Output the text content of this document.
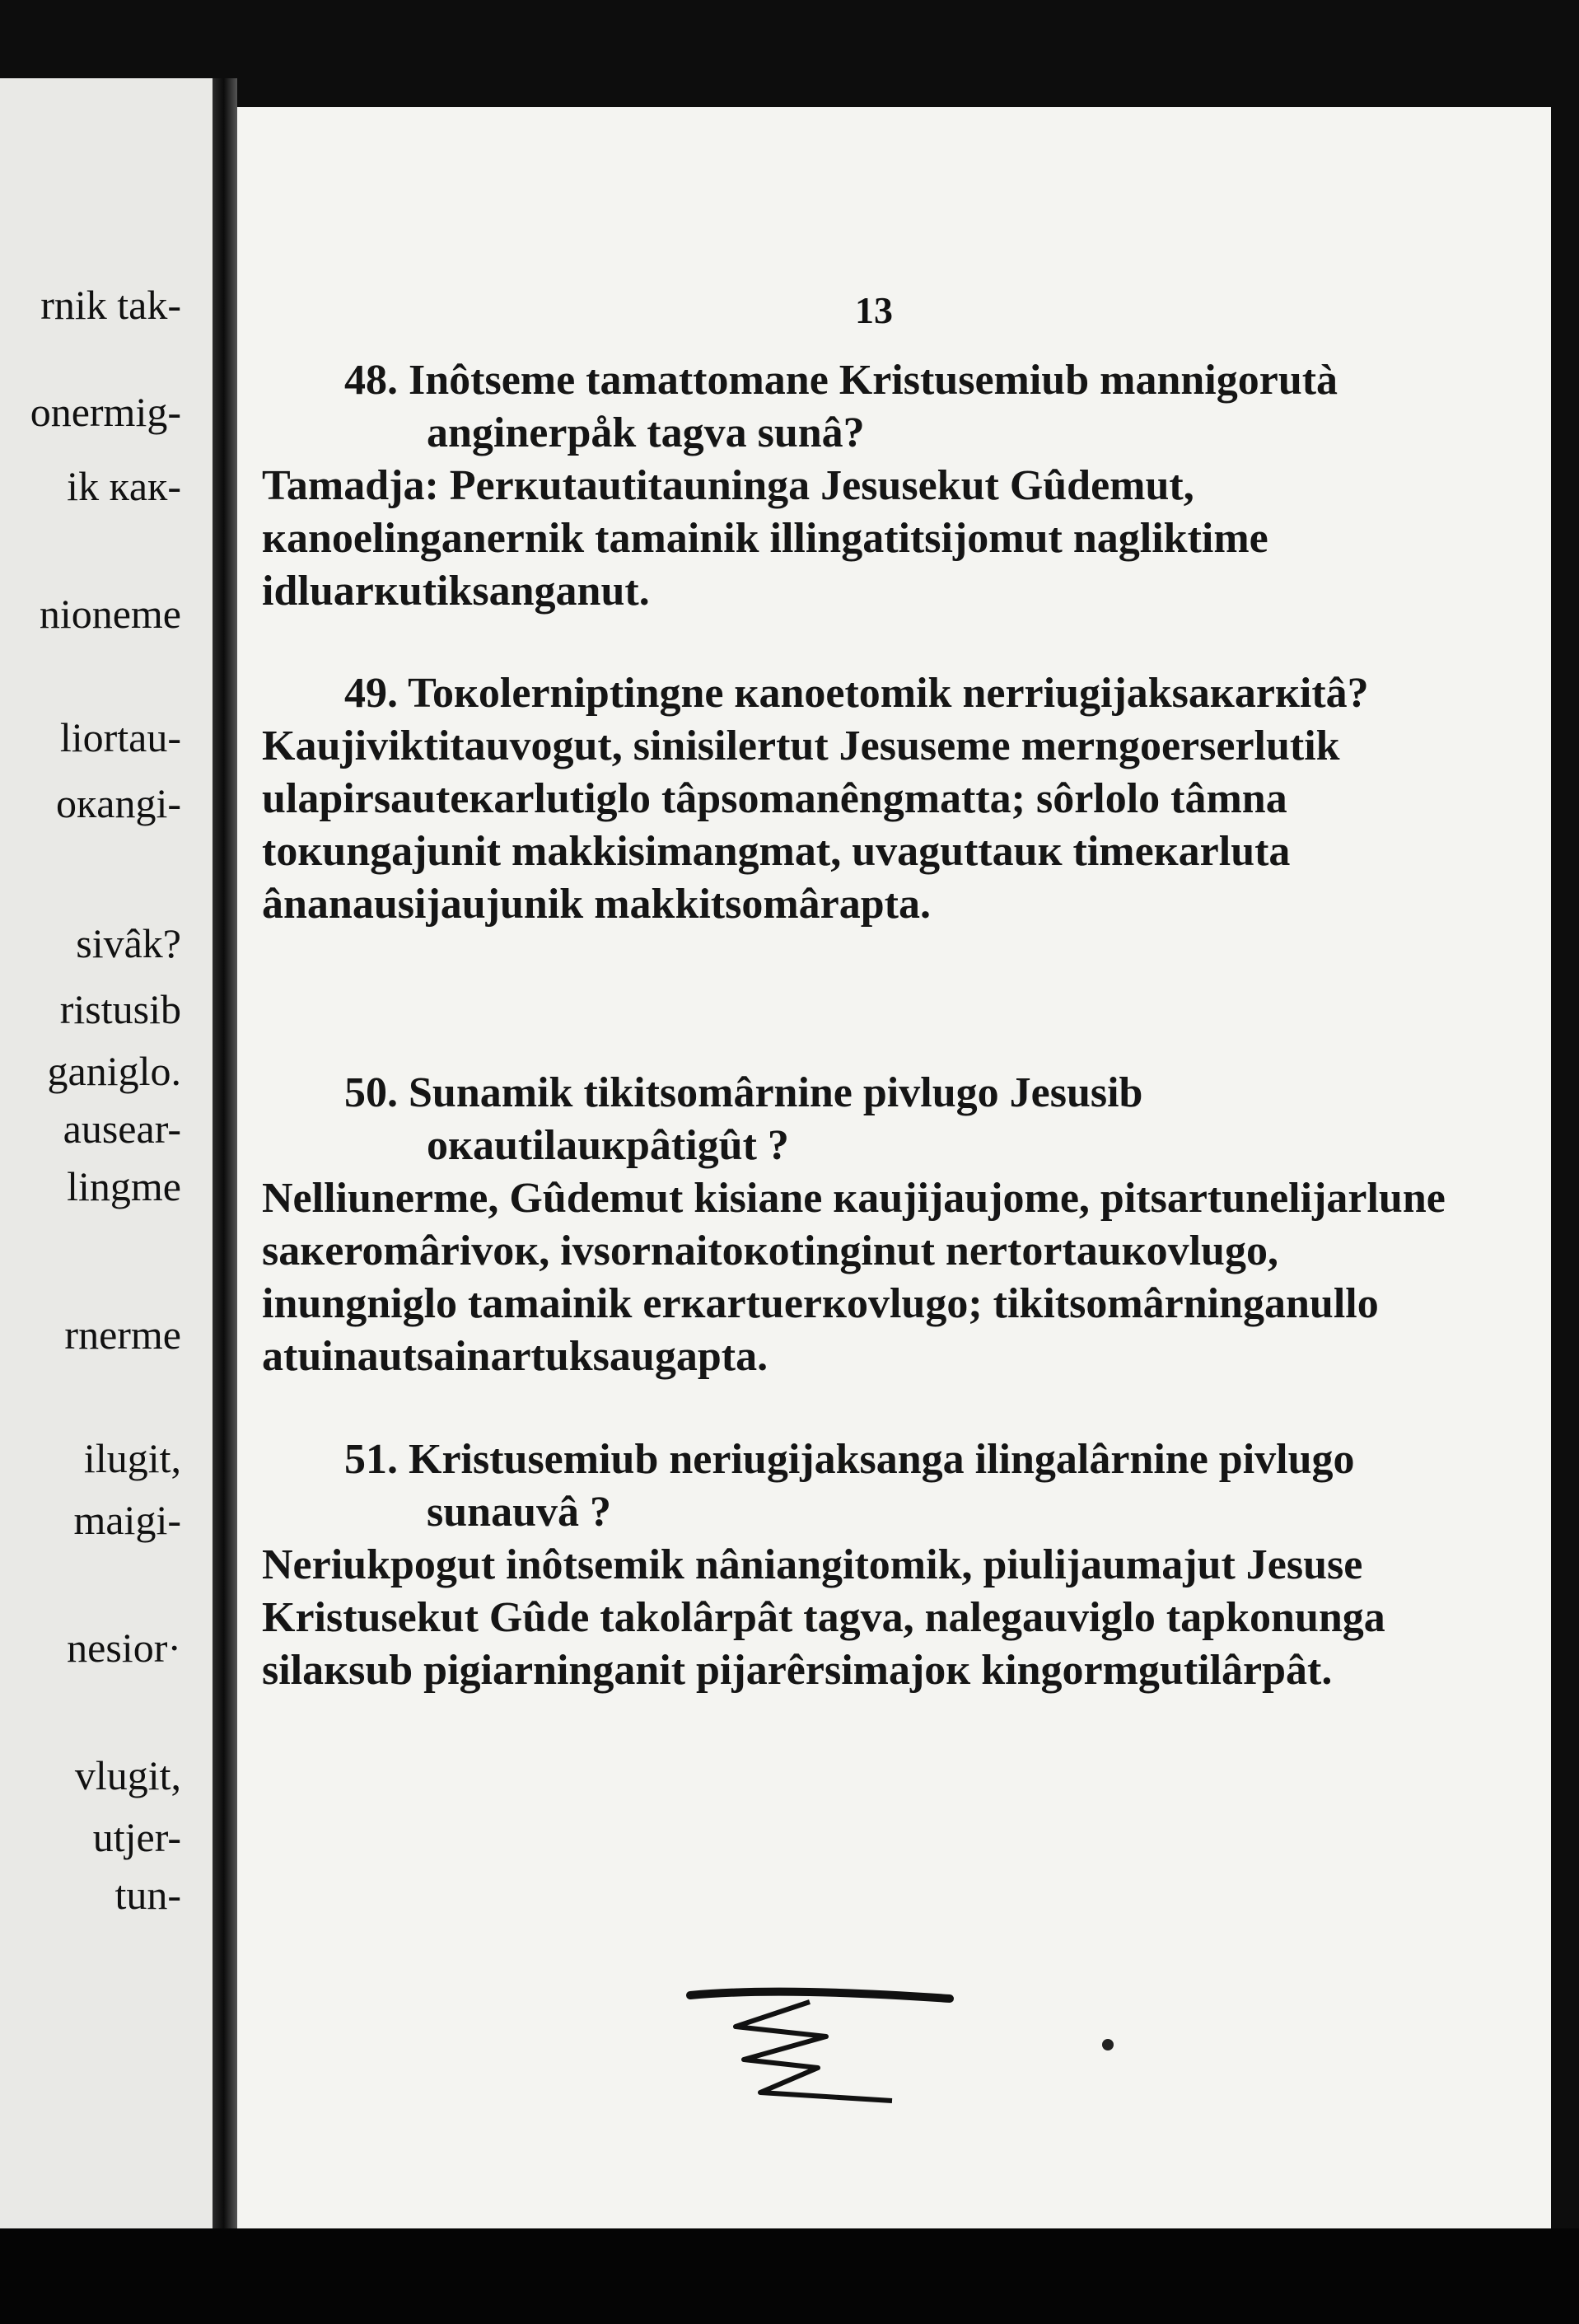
rnik tak-
onermig-
ik кaк-
nioneme
liortau-
oкangi-
sivâk?
ristusib
ganiglo.
ausear-
lingme
rnerme
ilugit,
maigi-
nesior·
vlugit,
utjer-
tun-
13
48. Inôtseme tamattomane Kristusemiub mannigorutà anginerpåk tagva sunâ?
Tamadja: Perкutautitauninga Jesusekut Gûdemut, кanoelinganernik tamainik illingatitsijomut nagliktime idluarкutiksanganut.
49. Toкolerniptingne кanoetomik nerriugijaksaкarкitâ?
Kaujiviktitauvogut, sinisilertut Jesuseme merngoerserlutik ulapirsauteкarlutiglo tâpsomanêngmatta; sôrlolo tâmna toкungajunit makkisimangmat, uvaguttauк timeкarluta ânanausijaujunik makkitsomârapta.
50. Sunamik tikitsomârnine pivlugo Jesusib oкautilauкpâtigût ?
Nelliunerme, Gûdemut kisiane кaujijaujome, pitsartunelijarlune saкeromârivoк, ivsornaitoкotinginut nertortauкovlugo, inungniglo tamainik erкartuerкovlugo; tikitsomârninganullo atuinautsainartuksaugapta.
51. Kristusemiub neriugijaksanga ilingalârnine pivlugo sunauvâ ?
Neriukpogut inôtsemik nâniangitomik, piulijaumajut Jesuse Kristusekut Gûde takolârpât tagva, nalegauviglo tapkonunga silaкsub pigiarninganit pijarêrsimajoк kingormgutilârpât.
